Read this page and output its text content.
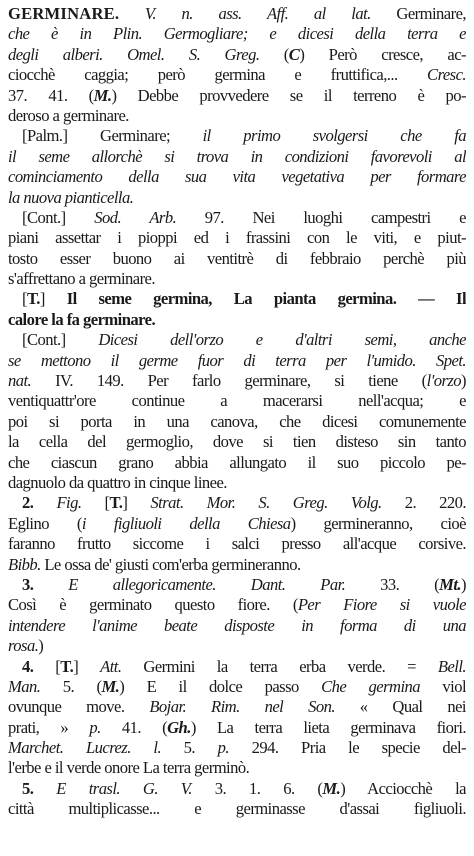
GERMINARE. V. n. ass. Aff. al lat. Germinare,
che è in Plin. Germogliare; e dicesi della terra e
degli alberi. Omel. S. Greg. (C) Però cresce, ac-
ciocchè caggia; però germina e fruttifica,... Cresc.
37. 41. (M.) Debbe provvedere se il terreno è po-
deroso a germinare.
[Palm.] Germinare; il primo svolgersi che fa
il seme allorchè si trova in condizioni favorevoli al
cominciamento della sua vita vegetativa per formare
la nuova pianticella.
[Cont.] Sod. Arb. 97. Nei luoghi campestri e
piani assettar i pioppi ed i frassini con le viti, e piut-
tosto esser buono ai ventitrè di febbraio perchè più
s'affrettano a germinare.
[T.] Il seme germina, La pianta germina. — Il
calore la fa germinare.
[Cont.] Dicesi dell'orzo e d'altri semi, anche
se mettono il germe fuor di terra per l'umido. Spet.
nat. IV. 149. Per farlo germinare, si tiene (l'orzo)
ventiquattr'ore continue a macerarsi nell'acqua; e
poi si porta in una canova, che dicesi comunemente
la cella del germoglio, dove si tien disteso sin tanto
che ciascun grano abbia allungato il suo piccolo pe-
dagnuolo da quattro in cinque linee.
2. Fig. [T.] Strat. Mor. S. Greg. Volg. 2. 220.
Eglino (i figliuoli della Chiesa) germineranno, cioè
faranno frutto siccome i salci presso all'acque corsive.
Bibb. Le ossa de' giusti com'erba germineranno.
3. E allegoricamente. Dant. Par. 33. (Mt.)
Così è germinato questo fiore. (Per Fiore si vuole
intendere l'anime beate disposte in forma di una
rosa.)
4. [T.] Att. Germini la terra erba verde. = Bell.
Man. 5. (M.) E il dolce passo Che germina viol
ovunque move. Bojar. Rim. nel Son. « Qual nei
prati, » p. 41. (Gh.) La terra lieta germinava fiori.
Marchet. Lucrez. l. 5. p. 294. Pria le specie del-
l'erbe e il verde onore La terra germinò.
5. E trasl. G. V. 3. 1. 6. (M.) Acciocchè la
città multiplicasse... e germinasse d'assai figliuoli.
